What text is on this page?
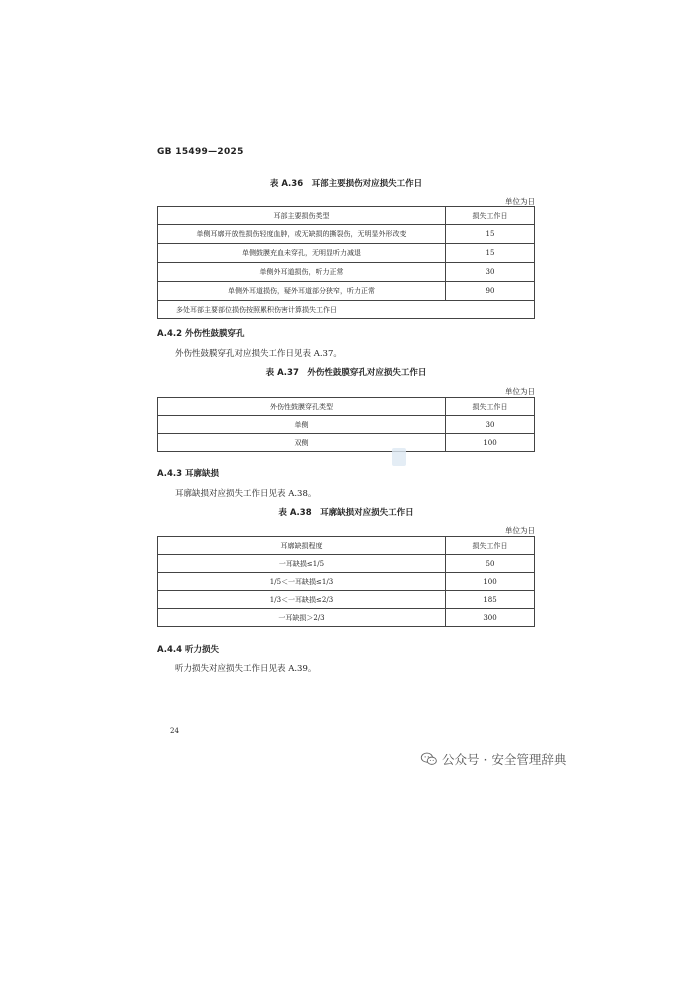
GB 15499—2025
表 A.36　耳部主要损伤对应损失工作日
单位为日
耳部主要损伤类型	损失工作日
单侧耳廓开放性损伤轻度血肿，或无缺损的撕裂伤，无明显外形改变	15
单侧鼓膜充血未穿孔，无明显听力减退	15
单侧外耳道损伤，听力正常	30
单侧外耳道损伤，疑外耳道部分狭窄，听力正常	90
多处耳部主要部位损伤按照累积伤害计算损失工作日	
A.4.2 外伤性鼓膜穿孔
外伤性鼓膜穿孔对应损失工作日见表 A.37。
表 A.37　外伤性鼓膜穿孔对应损失工作日
单位为日
外伤性鼓膜穿孔类型	损失工作日
单侧	30
双侧	100
A.4.3 耳廓缺损
耳廓缺损对应损失工作日见表 A.38。
表 A.38　耳廓缺损对应损失工作日
单位为日
耳廓缺损程度	损失工作日
一耳缺损≤1/5	50
1/5＜一耳缺损≤1/3	100
1/3＜一耳缺损≤2/3	185
一耳缺损＞2/3	300
A.4.4 听力损失
听力损失对应损失工作日见表 A.39。
24
公众号 · 安全管理辞典
